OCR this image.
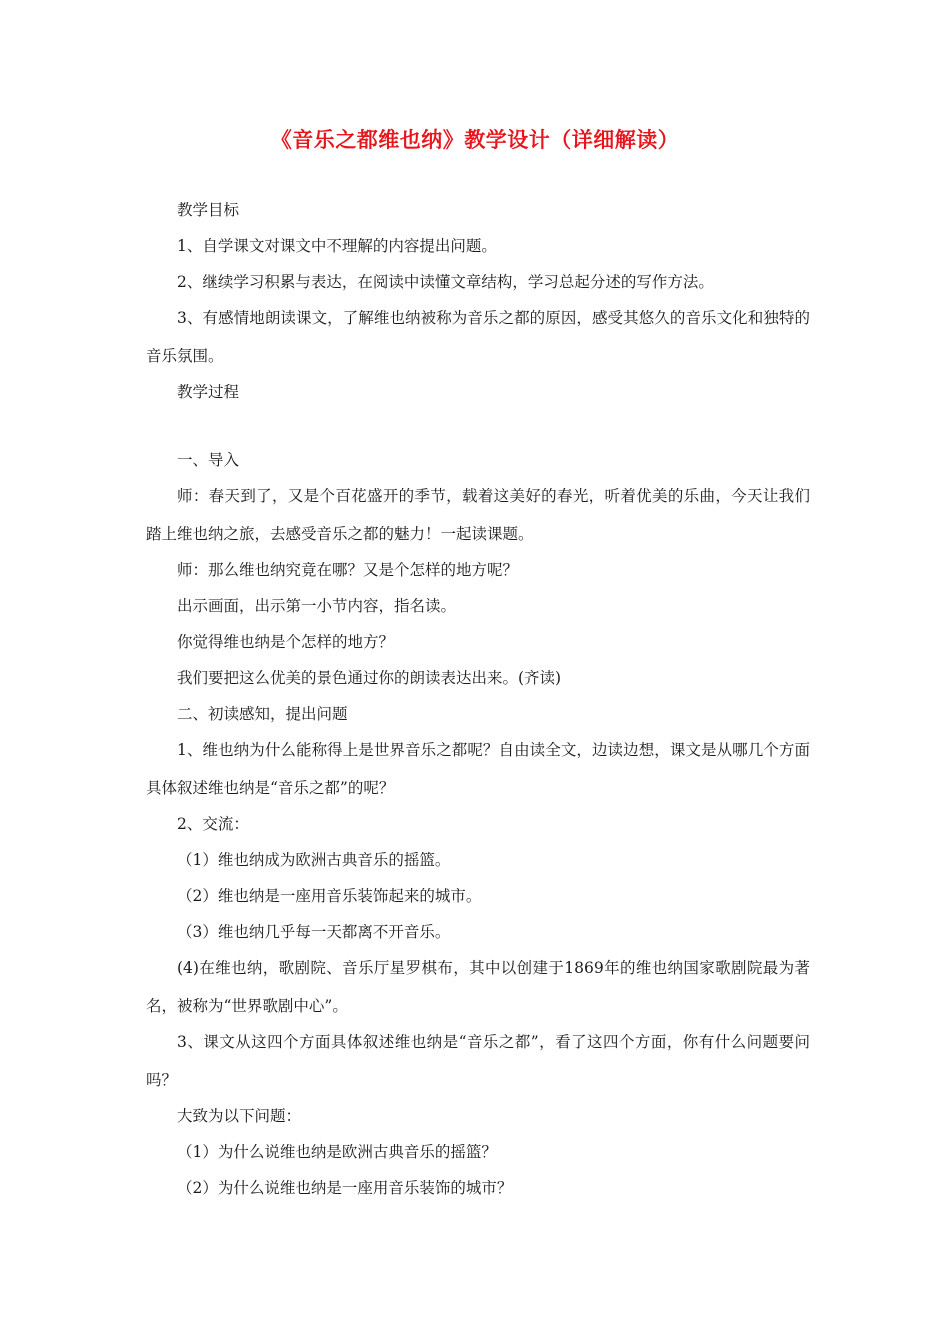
《音乐之都维也纳》教学设计（详细解读）

教学目标

1、自学课文对课文中不理解的内容提出问题。

2、继续学习积累与表达，在阅读中读懂文章结构，学习总起分述的写作方法。

3、有感情地朗读课文，了解维也纳被称为音乐之都的原因，感受其悠久的音乐文化和独特的音乐氛围。

教学过程

一、导入

师：春天到了，又是个百花盛开的季节，载着这美好的春光，听着优美的乐曲，今天让我们踏上维也纳之旅，去感受音乐之都的魅力！一起读课题。

师：那么维也纳究竟在哪？又是个怎样的地方呢？

出示画面，出示第一小节内容，指名读。

你觉得维也纳是个怎样的地方？

我们要把这么优美的景色通过你的朗读表达出来。(齐读)

二、初读感知，提出问题

1、维也纳为什么能称得上是世界音乐之都呢？自由读全文，边读边想，课文是从哪几个方面具体叙述维也纳是“音乐之都”的呢？

2、交流：

（1）维也纳成为欧洲古典音乐的摇篮。

（2）维也纳是一座用音乐装饰起来的城市。

（3）维也纳几乎每一天都离不开音乐。

(4)在维也纳，歌剧院、音乐厅星罗棋布，其中以创建于1869年的维也纳国家歌剧院最为著名，被称为“世界歌剧中心”。

3、课文从这四个方面具体叙述维也纳是“音乐之都”，看了这四个方面，你有什么问题要问吗？

大致为以下问题：

（1）为什么说维也纳是欧洲古典音乐的摇篮？

（2）为什么说维也纳是一座用音乐装饰的城市？
